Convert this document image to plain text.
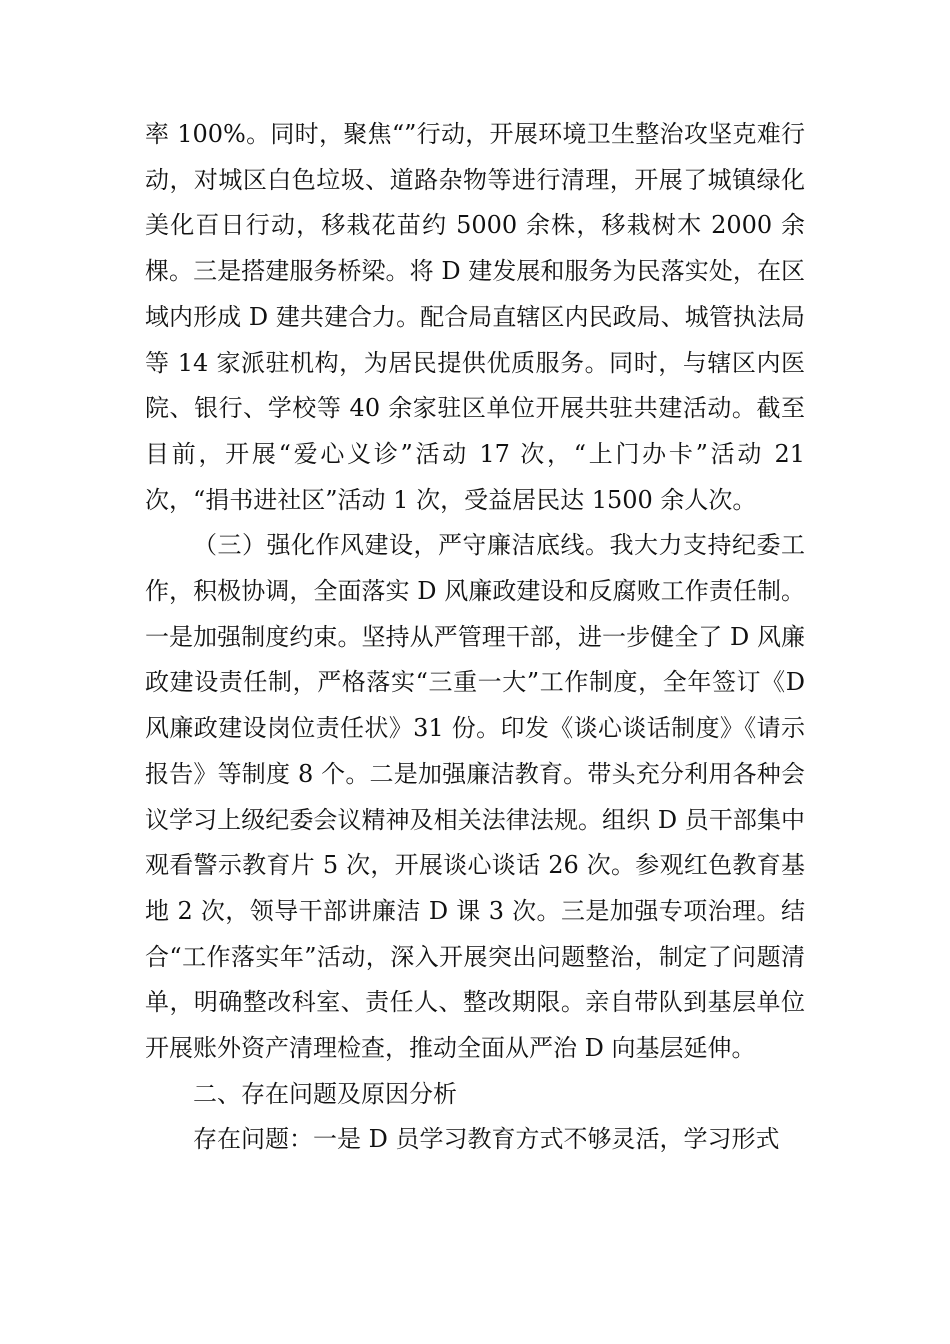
率 100%。同时，聚焦“”行动，开展环境卫生整治攻坚克难行动，对城区白色垃圾、道路杂物等进行清理，开展了城镇绿化美化百日行动，移栽花苗约 5000 余株，移栽树木 2000 余棵。三是搭建服务桥梁。将 D 建发展和服务为民落实处，在区域内形成 D 建共建合力。配合局直辖区内民政局、城管执法局等 14 家派驻机构，为居民提供优质服务。同时，与辖区内医院、银行、学校等 40 余家驻区单位开展共驻共建活动。截至目前，开展“爱心义诊”活动 17 次，“上门办卡”活动 21 次，“捐书进社区”活动 1 次，受益居民达 1500 余人次。

（三）强化作风建设，严守廉洁底线。我大力支持纪委工作，积极协调，全面落实 D 风廉政建设和反腐败工作责任制。一是加强制度约束。坚持从严管理干部，进一步健全了 D 风廉政建设责任制，严格落实“三重一大”工作制度，全年签订《D 风廉政建设岗位责任状》31 份。印发《谈心谈话制度》《请示报告》等制度 8 个。二是加强廉洁教育。带头充分利用各种会议学习上级纪委会议精神及相关法律法规。组织 D 员干部集中观看警示教育片 5 次，开展谈心谈话 26 次。参观红色教育基地 2 次，领导干部讲廉洁 D 课 3 次。三是加强专项治理。结合“工作落实年”活动，深入开展突出问题整治，制定了问题清单，明确整改科室、责任人、整改期限。亲自带队到基层单位开展账外资产清理检查，推动全面从严治 D 向基层延伸。

二、存在问题及原因分析

存在问题：一是 D 员学习教育方式不够灵活，学习形式
